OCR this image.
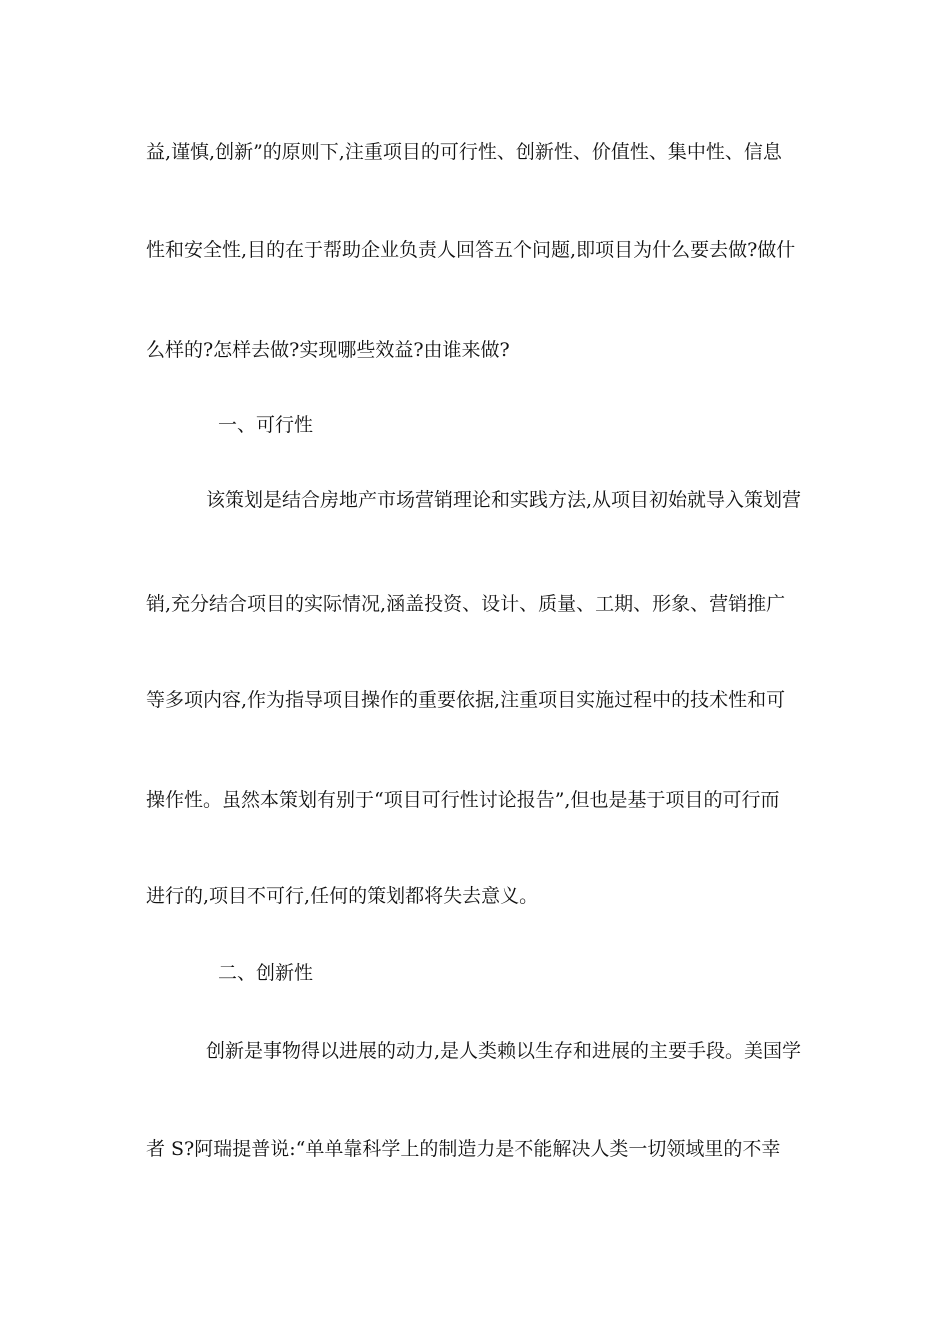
益,谨慎,创新”的原则下,注重项目的可行性、创新性、价值性、集中性、信息
性和安全性,目的在于帮助企业负责人回答五个问题,即项目为什么要去做?做什
么样的?怎样去做?实现哪些效益?由谁来做?
一、可行性
该策划是结合房地产市场营销理论和实践方法,从项目初始就导入策划营
销,充分结合项目的实际情况,涵盖投资、设计、质量、工期、形象、营销推广
等多项内容,作为指导项目操作的重要依据,注重项目实施过程中的技术性和可
操作性。虽然本策划有别于“项目可行性讨论报告”,但也是基于项目的可行而
进行的,项目不可行,任何的策划都将失去意义。
二、创新性
创新是事物得以进展的动力,是人类赖以生存和进展的主要手段。美国学
者 S?阿瑞提普说:“单单靠科学上的制造力是不能解决人类一切领域里的不幸
